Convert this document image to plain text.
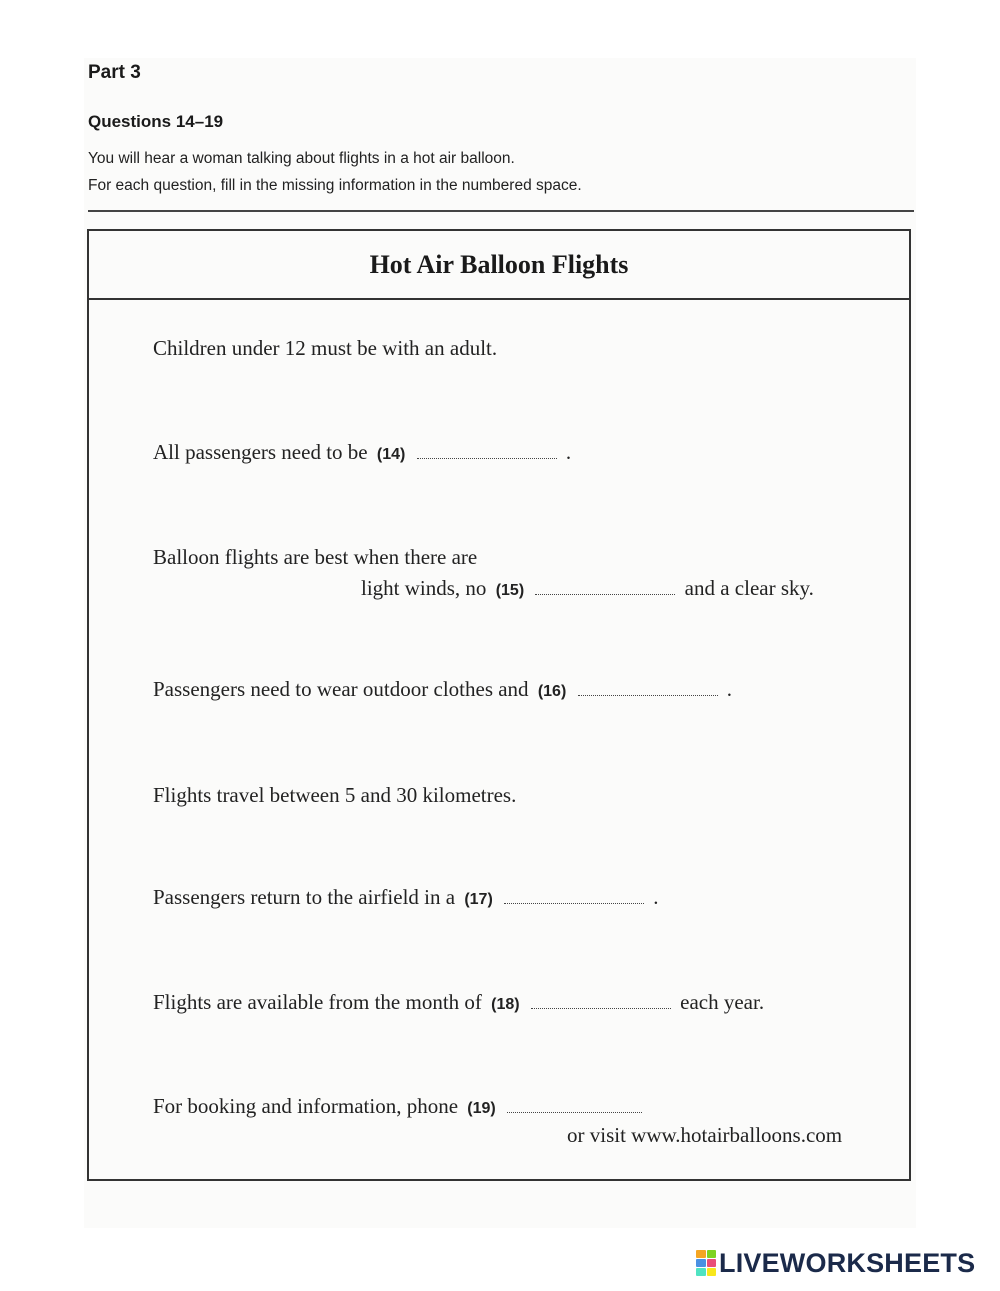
Part 3
Questions 14–19
You will hear a woman talking about flights in a hot air balloon.
For each question, fill in the missing information in the numbered space.
Hot Air Balloon Flights
Children under 12 must be with an adult.
All passengers need to be (14)	.
Balloon flights are best when there are
light winds, no (15)	and a clear sky.
Passengers need to wear outdoor clothes and (16)	.
Flights travel between 5 and 30 kilometres.
Passengers return to the airfield in a (17)	.
Flights are available from the month of (18)	each year.
For booking and information, phone (19)
or visit www.hotairballoons.com
LIVEWORKSHEETS
